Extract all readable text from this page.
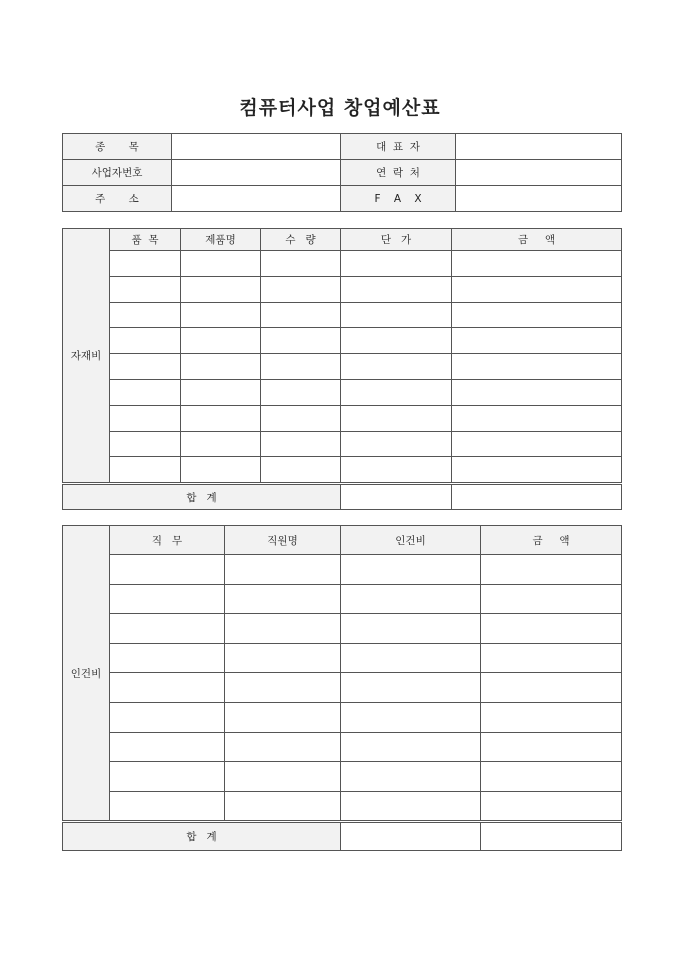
컴퓨터사업 창업예산표
종       목		대  표  자	
사업자번호		연  락  처	
주       소		F    A    X	
자재비	품  목	제품명	수   량	단   가	금     액

합   계					
인건비	직   무	직원명	인건비	금     액

합   계				
